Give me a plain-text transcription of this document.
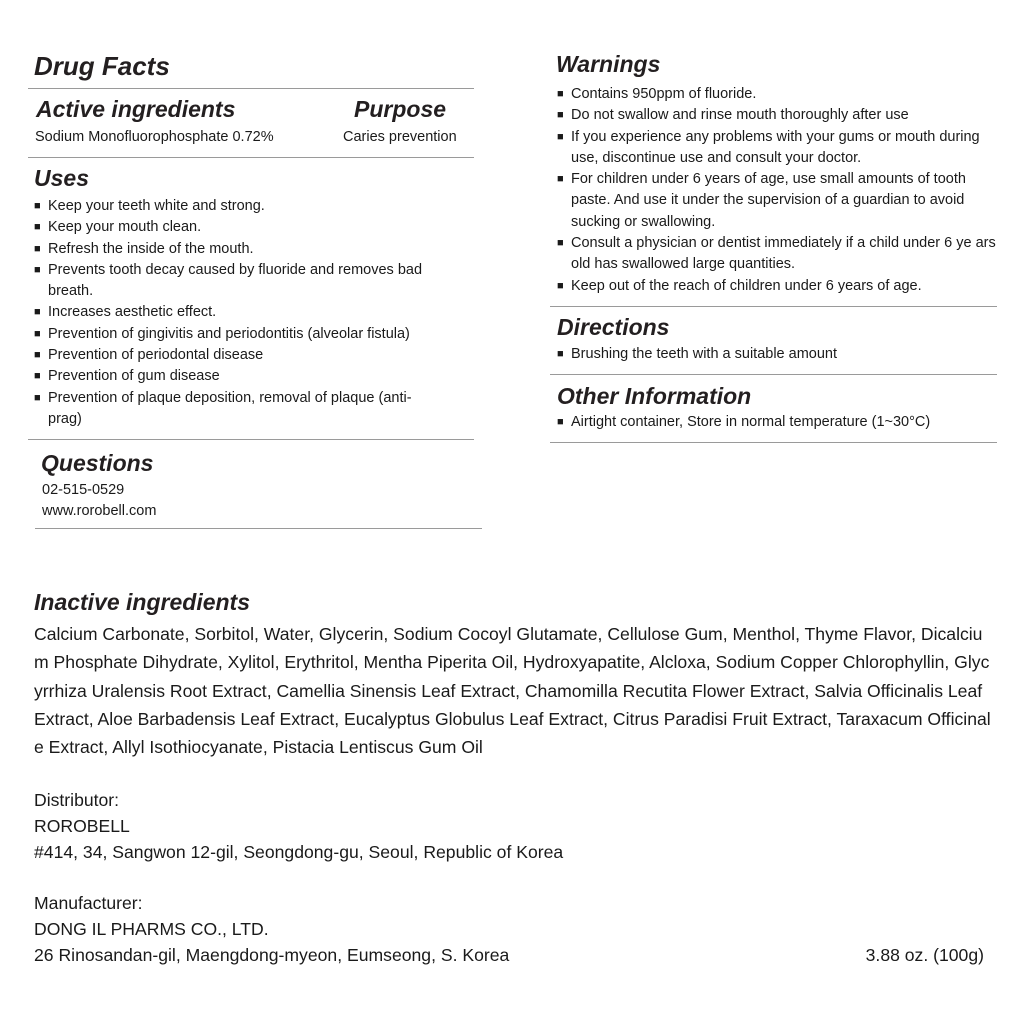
Drug Facts
Active ingredients	Purpose
Sodium Monofluorophosphate 0.72%	Caries prevention
Uses
■ Keep your teeth white and strong.
■ Keep your mouth clean.
■ Refresh the inside of the mouth.
■ Prevents tooth decay caused by fluoride and removes bad breath.
■ Increases aesthetic effect.
■ Prevention of gingivitis and periodontitis (alveolar fistula)
■ Prevention of periodontal disease
■ Prevention of gum disease
■ Prevention of plaque deposition, removal of plaque (anti- prag)
Questions
02-515-0529
www.rorobell.com
Warnings
■ Contains 950ppm of fluoride.
■ Do not swallow and rinse mouth thoroughly after use
■ If you experience any problems with your gums or mouth during use, discontinue use and consult your doctor.
■ For children under 6 years of age, use small amounts of tooth paste. And use it under the supervision of a guardian to avoid sucking or swallowing.
■ Consult a physician or dentist immediately if a child under 6 ye ars old has swallowed large quantities.
■ Keep out of the reach of children under 6 years of age.
Directions
■ Brushing the teeth with a suitable amount
Other Information
■ Airtight container, Store in normal temperature (1~30°C)
Inactive ingredients
Calcium Carbonate, Sorbitol, Water, Glycerin, Sodium Cocoyl Glutamate, Cellulose Gum, Menthol, Thyme Flavor, Dicalcium Phosphate Dihydrate, Xylitol, Erythritol, Mentha Piperita Oil, Hydroxyapatite, Alcloxa, Sodium Copper Chlorophyllin, Glycyrrhiza Uralensis Root Extract, Camellia Sinensis Leaf Extract, Chamomilla Recutita Flower Extract, Salvia Officinalis Leaf Extract, Aloe Barbadensis Leaf Extract, Eucalyptus Globulus Leaf Extract, Citrus Paradisi Fruit Extract, Taraxacum Officinale Extract, Allyl Isothiocyanate, Pistacia Lentiscus Gum Oil
Distributor:
ROROBELL
#414, 34, Sangwon 12-gil, Seongdong-gu, Seoul, Republic of Korea
Manufacturer:
DONG IL PHARMS CO., LTD.
26 Rinosandan-gil, Maengdong-myeon, Eumseong, S. Korea	3.88 oz. (100g)
